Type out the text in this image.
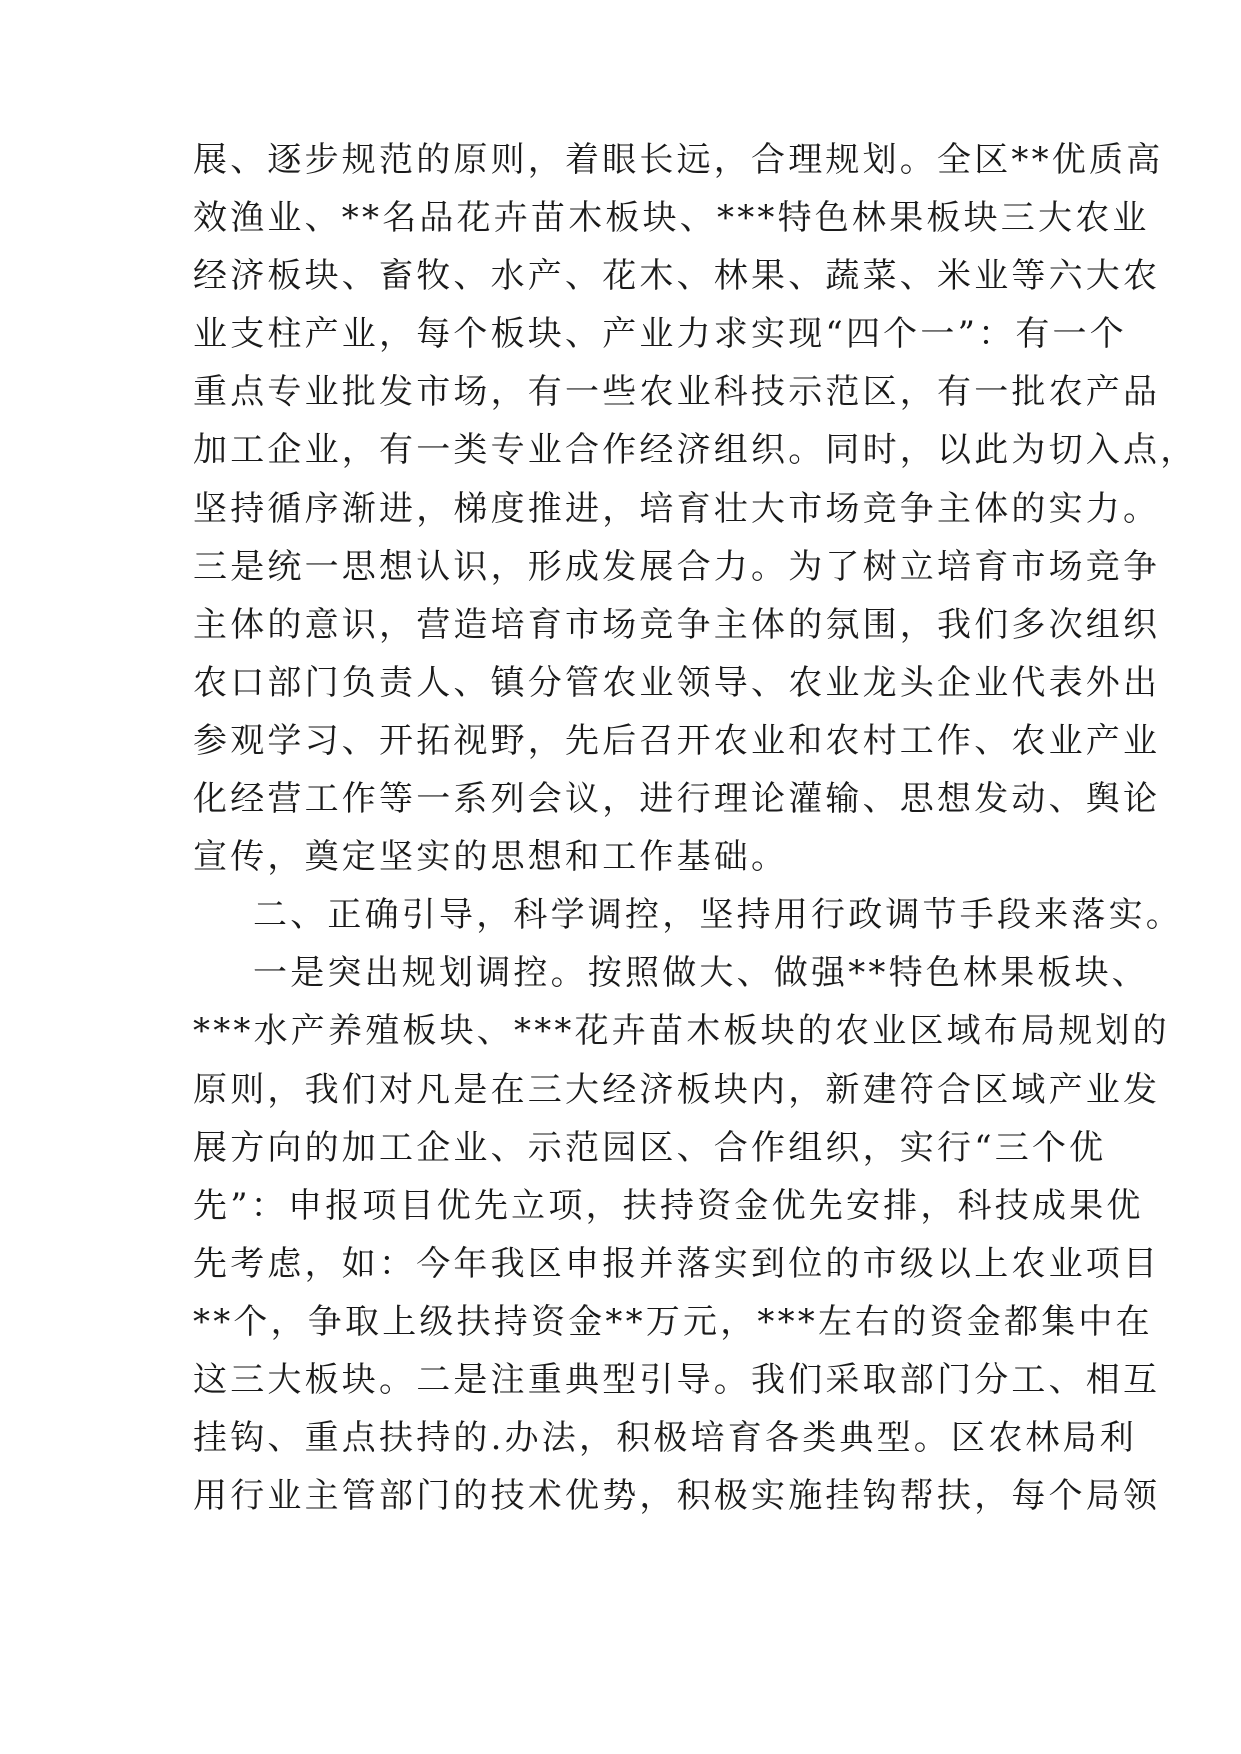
展、逐步规范的原则，着眼长远，合理规划。全区**优质高
效渔业、**名品花卉苗木板块、***特色林果板块三大农业
经济板块、畜牧、水产、花木、林果、蔬菜、米业等六大农
业支柱产业，每个板块、产业力求实现“四个一”：有一个
重点专业批发市场，有一些农业科技示范区，有一批农产品
加工企业，有一类专业合作经济组织。同时，以此为切入点，
坚持循序渐进，梯度推进，培育壮大市场竞争主体的实力。
三是统一思想认识，形成发展合力。为了树立培育市场竞争
主体的意识，营造培育市场竞争主体的氛围，我们多次组织
农口部门负责人、镇分管农业领导、农业龙头企业代表外出
参观学习、开拓视野，先后召开农业和农村工作、农业产业
化经营工作等一系列会议，进行理论灌输、思想发动、舆论
宣传，奠定坚实的思想和工作基础。
二、正确引导，科学调控，坚持用行政调节手段来落实。
一是突出规划调控。按照做大、做强**特色林果板块、
***水产养殖板块、***花卉苗木板块的农业区域布局规划的
原则，我们对凡是在三大经济板块内，新建符合区域产业发
展方向的加工企业、示范园区、合作组织，实行“三个优
先”：申报项目优先立项，扶持资金优先安排，科技成果优
先考虑，如：今年我区申报并落实到位的市级以上农业项目
**个，争取上级扶持资金**万元，***左右的资金都集中在
这三大板块。二是注重典型引导。我们采取部门分工、相互
挂钩、重点扶持的.办法，积极培育各类典型。区农林局利
用行业主管部门的技术优势，积极实施挂钩帮扶，每个局领
